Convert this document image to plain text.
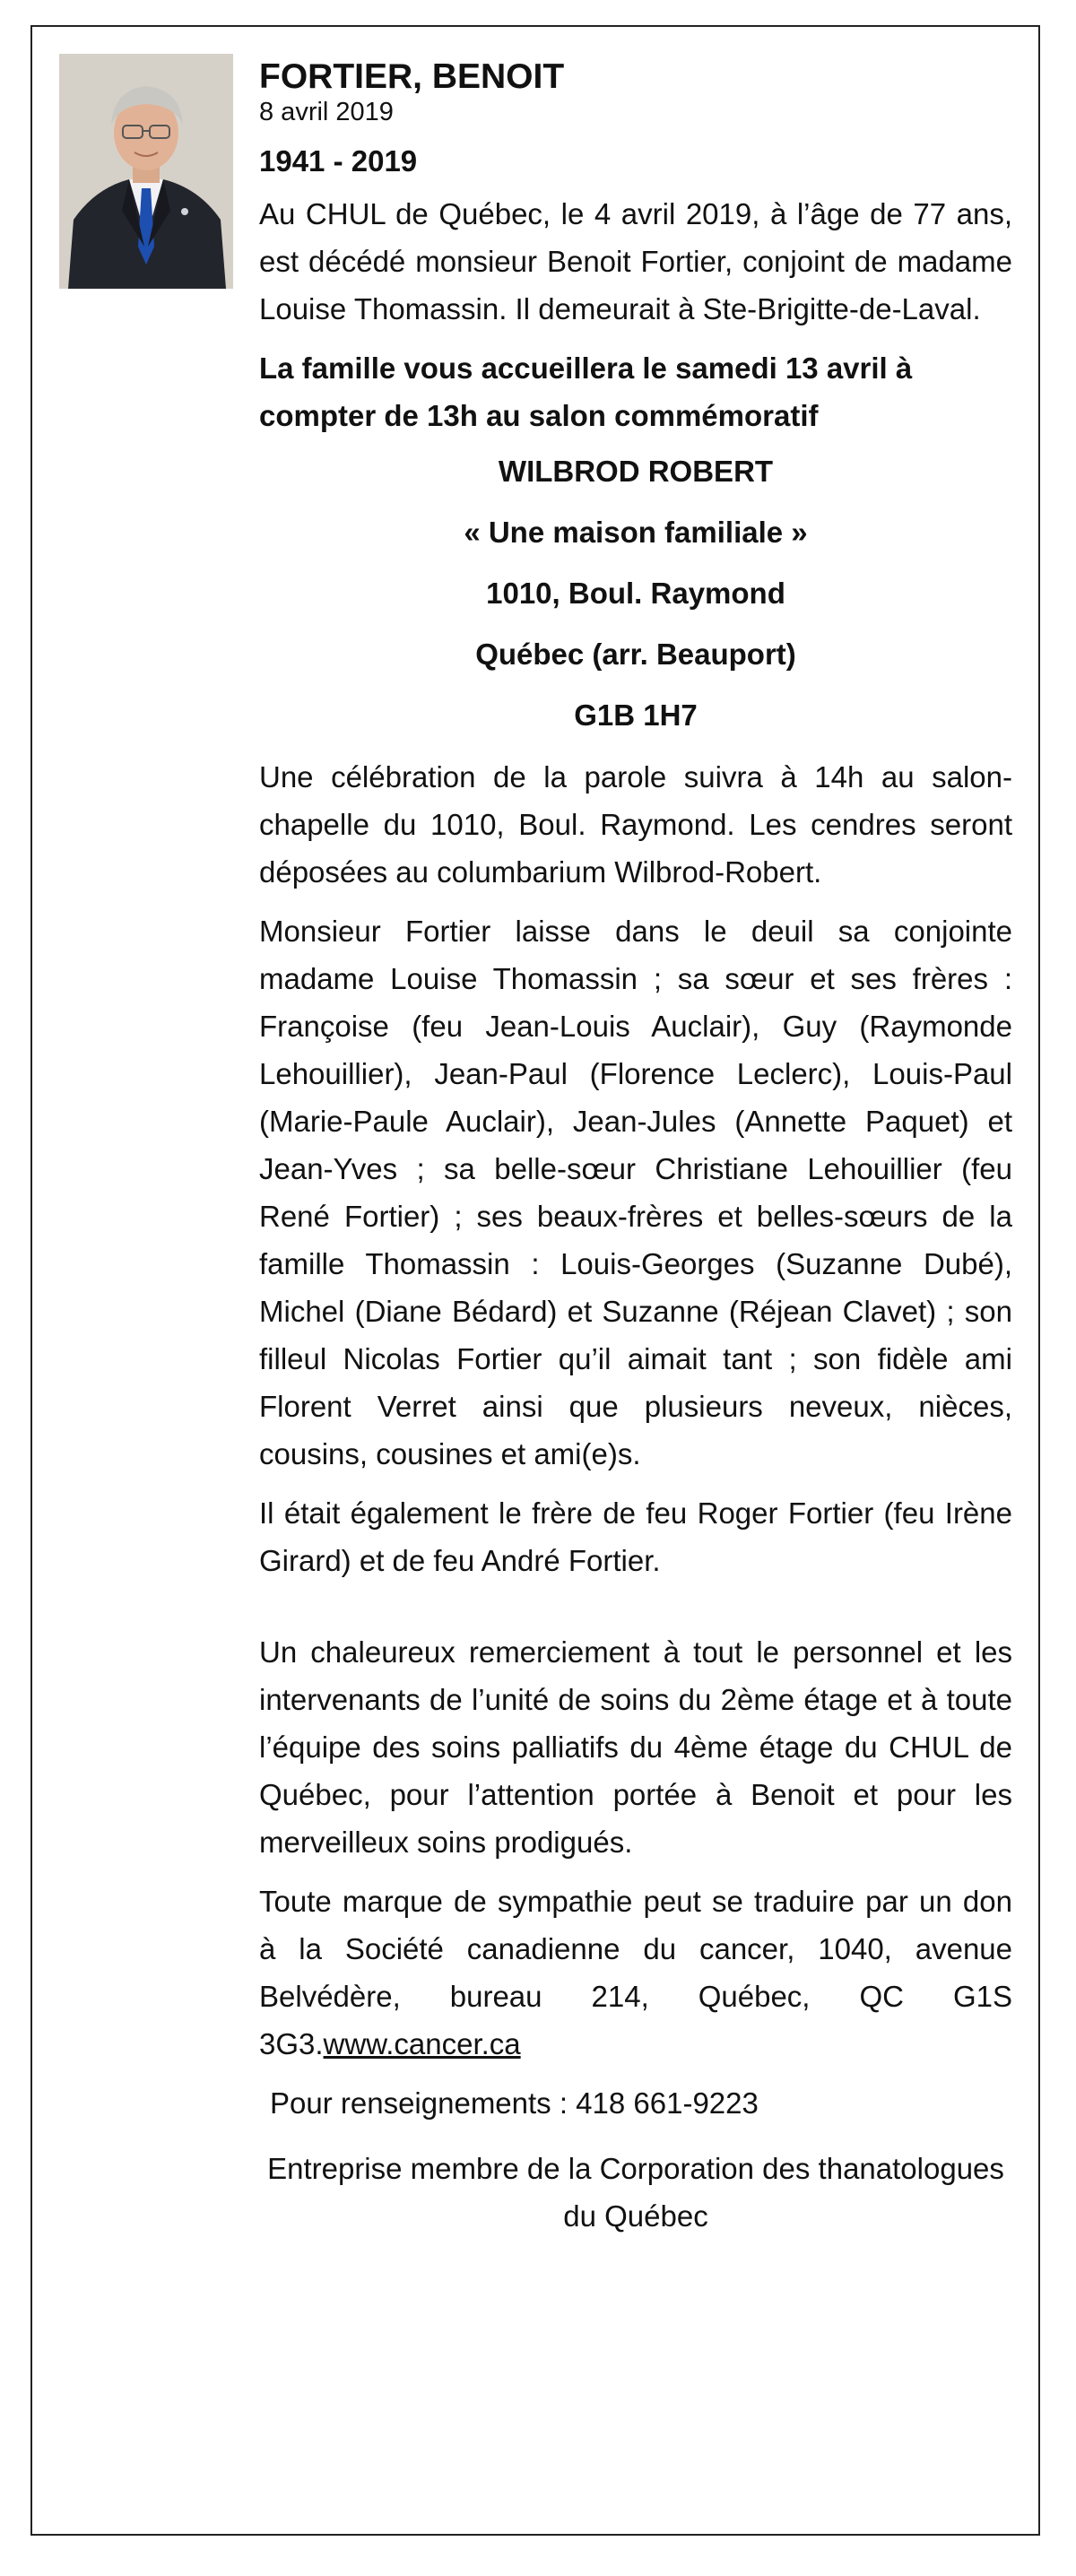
FORTIER, BENOIT
8 avril 2019
1941 - 2019

Au CHUL de Québec, le 4 avril 2019, à l’âge de 77 ans, est décédé monsieur Benoit Fortier, conjoint de madame Louise Thomassin. Il demeurait à Ste-Brigitte-de-Laval.

La famille vous accueillera le samedi 13 avril à compter de 13h au salon commémoratif

WILBROD ROBERT
« Une maison familiale »
1010, Boul. Raymond
Québec (arr. Beauport)
G1B 1H7

Une célébration de la parole suivra à 14h au salon-chapelle du 1010, Boul. Raymond. Les cendres seront déposées au columbarium Wilbrod-Robert.

Monsieur Fortier laisse dans le deuil sa conjointe madame Louise Thomassin ; sa sœur et ses frères : Françoise (feu Jean-Louis Auclair), Guy (Raymonde Lehouillier), Jean-Paul (Florence Leclerc), Louis-Paul (Marie-Paule Auclair), Jean-Jules (Annette Paquet) et Jean-Yves ; sa belle-sœur Christiane Lehouillier (feu René Fortier) ; ses beaux-frères et belles-sœurs de la famille Thomassin : Louis-Georges (Suzanne Dubé), Michel (Diane Bédard) et Suzanne (Réjean Clavet) ; son filleul Nicolas Fortier qu’il aimait tant ; son fidèle ami Florent Verret ainsi que plusieurs neveux, nièces, cousins, cousines et ami(e)s.

Il était également le frère de feu Roger Fortier (feu Irène Girard) et de feu André Fortier.

Un chaleureux remerciement à tout le personnel et les intervenants de l’unité de soins du 2ème étage et à toute l’équipe des soins palliatifs du 4ème étage du CHUL de Québec, pour l’attention portée à Benoit et pour les merveilleux soins prodigués.

Toute marque de sympathie peut se traduire par un don à la Société canadienne du cancer, 1040, avenue Belvédère, bureau 214, Québec, QC G1S 3G3.www.cancer.ca

Pour renseignements : 418 661-9223

Entreprise membre de la Corporation des thanatologues du Québec
